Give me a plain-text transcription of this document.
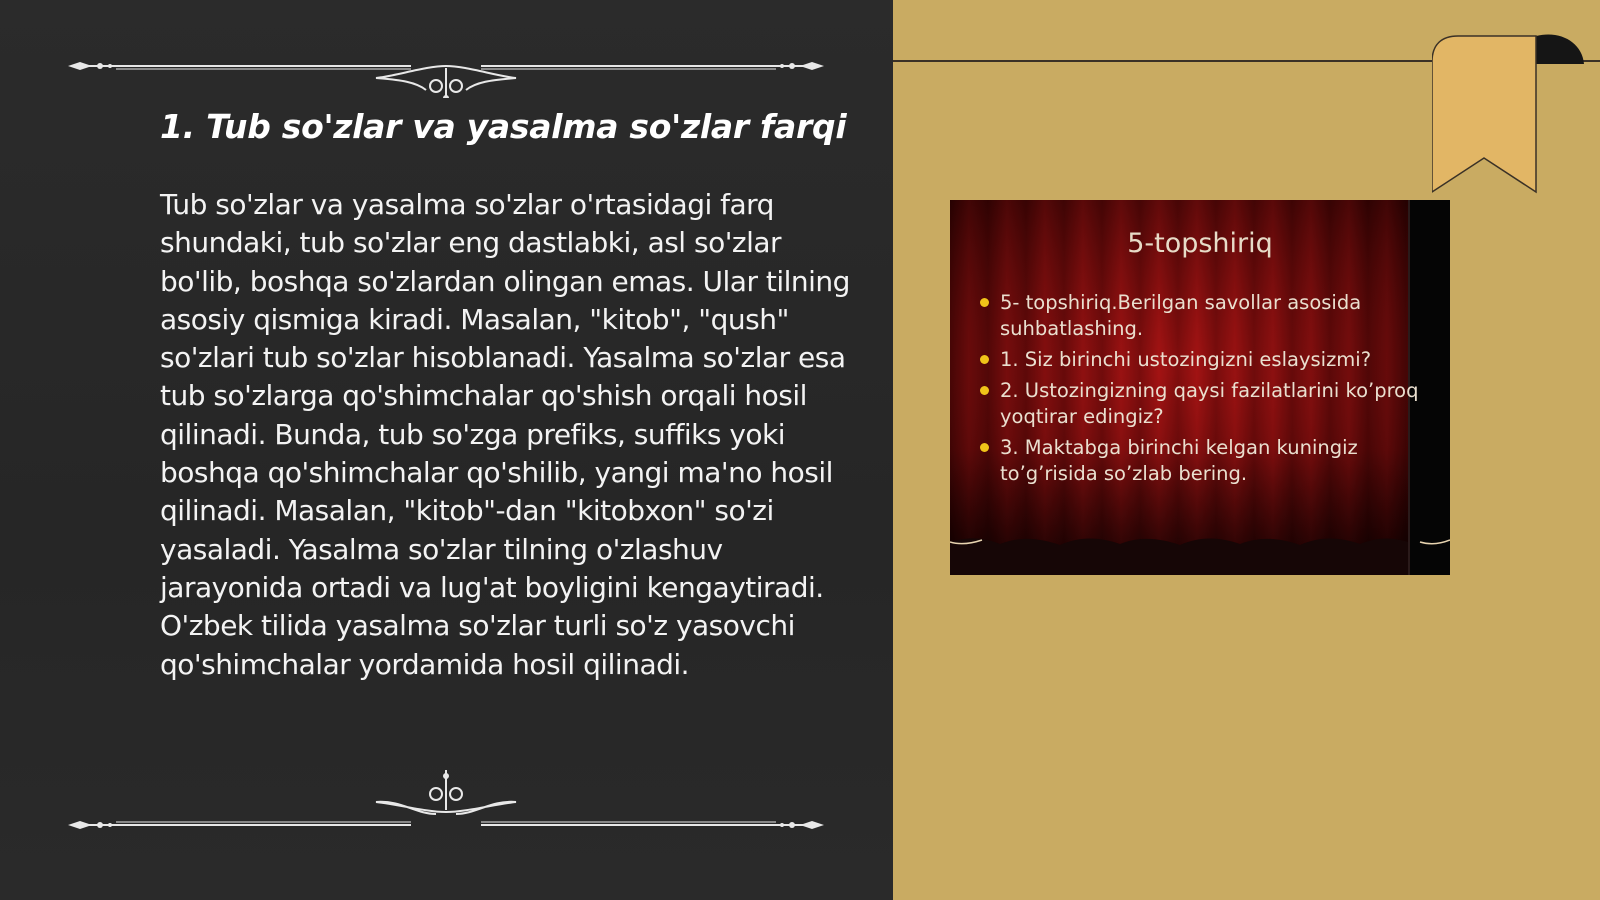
1. Tub so'zlar va yasalma so'zlar farqi

Tub so'zlar va yasalma so'zlar o'rtasidagi farq shundaki, tub so'zlar eng dastlabki, asl so'zlar bo'lib, boshqa so'zlardan olingan emas. Ular tilning asosiy qismiga kiradi. Masalan, "kitob", "qush" so'zlari tub so'zlar hisoblanadi. Yasalma so'zlar esa tub so'zlarga qo'shimchalar qo'shish orqali hosil qilinadi. Bunda, tub so'zga prefiks, suffiks yoki boshqa qo'shimchalar qo'shilib, yangi ma'no hosil qilinadi. Masalan, "kitob"-dan "kitobxon" so'zi yasaladi. Yasalma so'zlar tilning o'zlashuv jarayonida ortadi va lug'at boyligini kengaytiradi. O'zbek tilida yasalma so'zlar turli so'z yasovchi qo'shimchalar yordamida hosil qilinadi.

5-topshiriq
5- topshiriq.Berilgan savollar asosida suhbatlashing.
1. Siz birinchi ustozingizni eslaysizmi?
2. Ustozingizning qaysi fazilatlarini ko’proq yoqtirar edingiz?
3. Maktabga birinchi kelgan kuningiz to’g’risida so’zlab bering.
